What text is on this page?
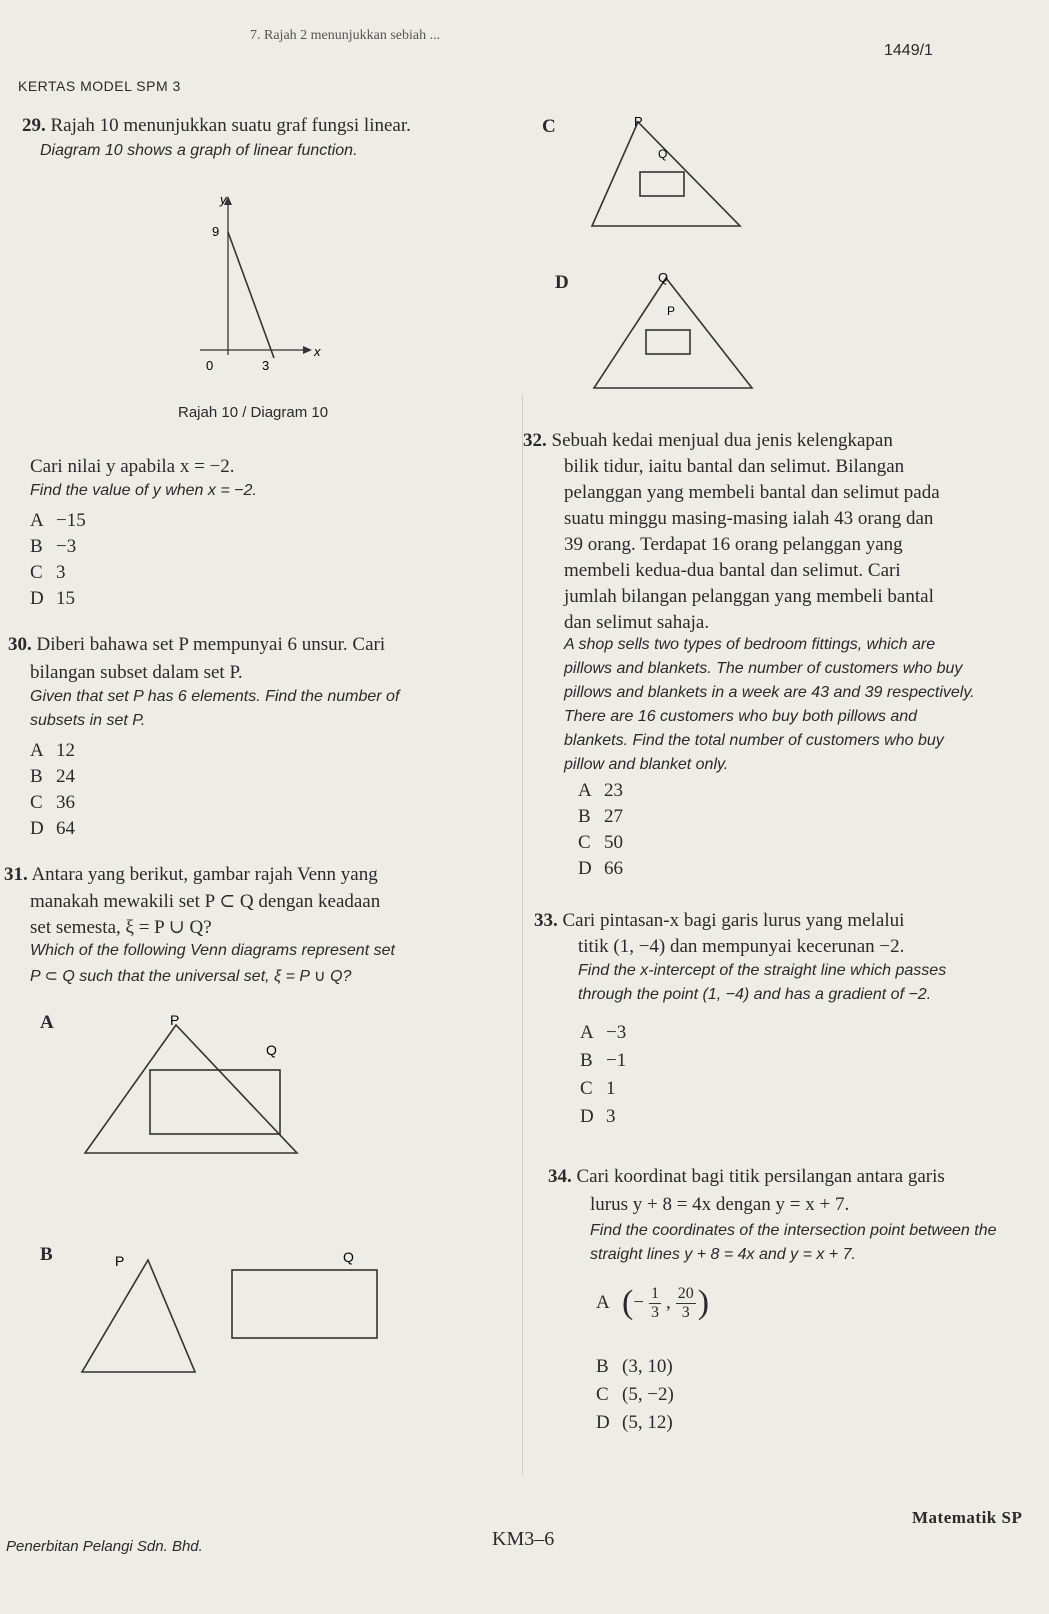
7. Rajah 2 menunjukkan sebiah ...
1449/1
KERTAS MODEL SPM 3
29. Rajah 10 menunjukkan suatu graf fungsi linear.
Diagram 10 shows a graph of linear function.
y
x
9
0	3
Rajah 10 / Diagram 10
Cari nilai y apabila x = −2.
Find the value of y when x = −2.
A −15
B −3
C 3
D 15
30. Diberi bahawa set P mempunyai 6 unsur. Cari
bilangan subset dalam set P.
Given that set P has 6 elements. Find the number of
subsets in set P.
A 12
B 24
C 36
D 64
31. Antara yang berikut, gambar rajah Venn yang
manakah mewakili set P ⊂ Q dengan keadaan
set semesta, ξ = P ∪ Q?
Which of the following Venn diagrams represent set
P ⊂ Q such that the universal set, ξ = P ∪ Q?
A	P
Q
B	P	Q
C	P
Q
D	Q
P
32. Sebuah kedai menjual dua jenis kelengkapan
bilik tidur, iaitu bantal dan selimut. Bilangan
pelanggan yang membeli bantal dan selimut pada
suatu minggu masing-masing ialah 43 orang dan
39 orang. Terdapat 16 orang pelanggan yang
membeli kedua-dua bantal dan selimut. Cari
jumlah bilangan pelanggan yang membeli bantal
dan selimut sahaja.
A shop sells two types of bedroom fittings, which are
pillows and blankets. The number of customers who buy
pillows and blankets in a week are 43 and 39 respectively.
There are 16 customers who buy both pillows and
blankets. Find the total number of customers who buy
pillow and blanket only.
A 23
B 27
C 50
D 66
33. Cari pintasan-x bagi garis lurus yang melalui
titik (1, −4) dan mempunyai kecerunan −2.
Find the x-intercept of the straight line which passes
through the point (1, −4) and has a gradient of −2.
A −3
B −1
C 1
D 3
34. Cari koordinat bagi titik persilangan antara garis
lurus y + 8 = 4x dengan y = x + 7.
Find the coordinates of the intersection point between the
straight lines y + 8 = 4x and y = x + 7.
A ( − $\frac{1}{3}$ , $\frac{20}{3}$ )
B (3, 10)
C (5, −2)
D (5, 12)
Matematik SP
Penerbitan Pelangi Sdn. Bhd.	KM3–6
